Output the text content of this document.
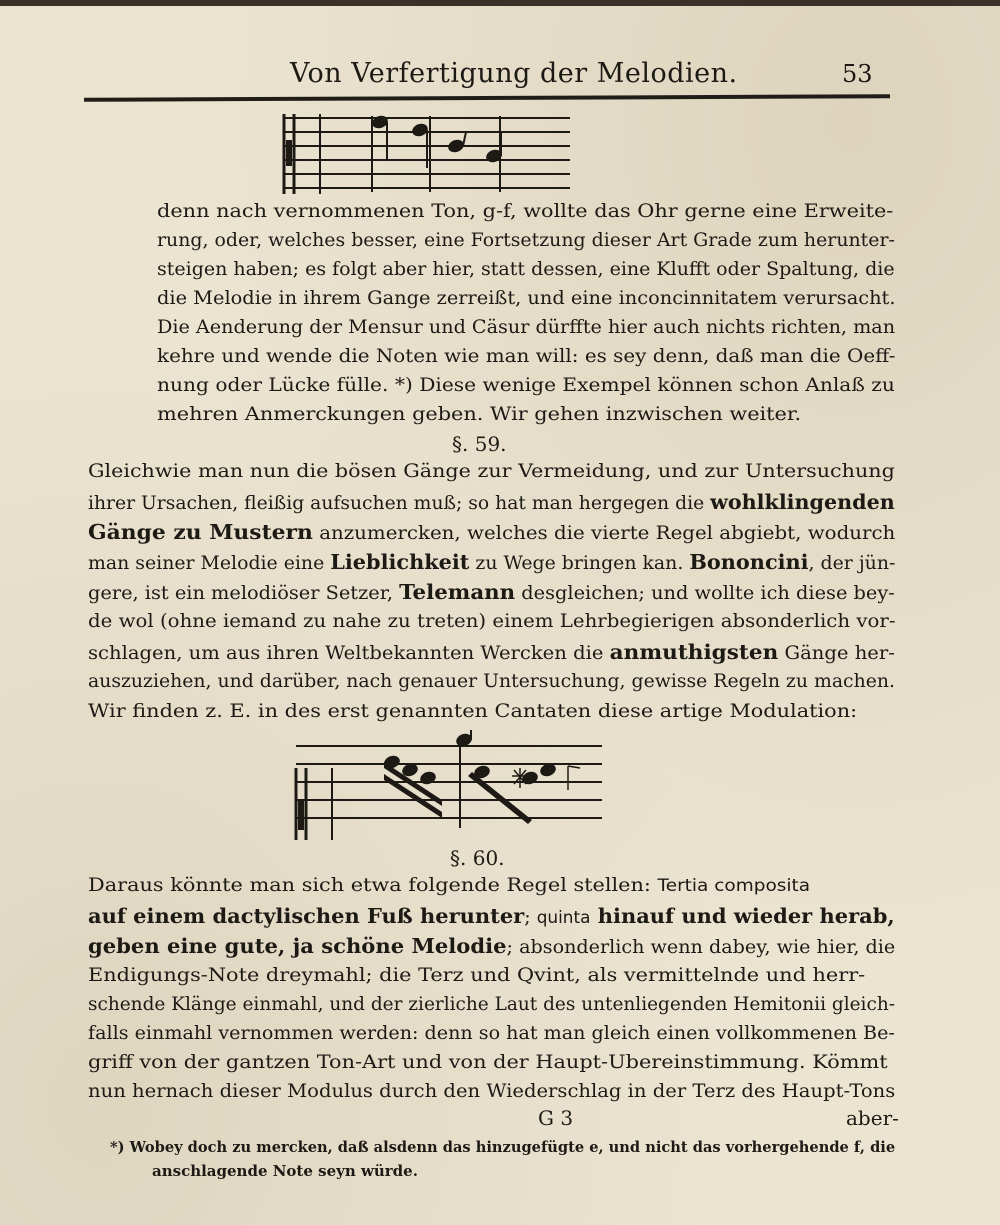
Von Verfertigung der Melodien.	53
denn nach vernommenen Ton, g-f, wollte das Ohr gerne eine Erweite-
rung, oder, welches besser, eine Fortsetzung dieser Art Grade zum herunter-
steigen haben; es folgt aber hier, statt dessen, eine Klufft oder Spaltung, die
die Melodie in ihrem Gange zerreißt, und eine inconcinnitatem verursacht.
Die Aenderung der Mensur und Cäsur dürffte hier auch nichts richten, man
kehre und wende die Noten wie man will: es sey denn, daß man die Oeff-
nung oder Lücke fülle. *) Diese wenige Exempel können schon Anlaß zu
mehren Anmerckungen geben. Wir gehen inzwischen weiter.
§. 59.
Gleichwie man nun die bösen Gänge zur Vermeidung, und zur Untersuchung
ihrer Ursachen, fleißig aufsuchen muß; so hat man hergegen die wohlklingenden
Gänge zu Mustern anzumercken, welches die vierte Regel abgiebt, wodurch
man seiner Melodie eine Lieblichkeit zu Wege bringen kan. Bononcini, der jün-
gere, ist ein melodiöser Setzer, Telemann desgleichen; und wollte ich diese bey-
de wol (ohne iemand zu nahe zu treten) einem Lehrbegierigen absonderlich vor-
schlagen, um aus ihren Weltbekannten Wercken die anmuthigsten Gänge her-
auszuziehen, und darüber, nach genauer Untersuchung, gewisse Regeln zu machen.
Wir finden z. E. in des erst genannten Cantaten diese artige Modulation:
§. 60.
Daraus könnte man sich etwa folgende Regel stellen: Tertia composita
auf einem dactylischen Fuß herunter; quinta hinauf und wieder herab,
geben eine gute, ja schöne Melodie; absonderlich wenn dabey, wie hier, die
Endigungs-Note dreymahl; die Terz und Qvint, als vermittelnde und herr-
schende Klänge einmahl, und der zierliche Laut des untenliegenden Hemitonii gleich-
falls einmahl vernommen werden: denn so hat man gleich einen vollkommenen Be-
griff von der gantzen Ton-Art und von der Haupt-Ubereinstimmung. Kömmt
nun hernach dieser Modulus durch den Wiederschlag in der Terz des Haupt-Tons
G 3	aber-
*) Wobey doch zu mercken, daß alsdenn das hinzugefügte e, und nicht das vorhergehende f, die
anschlagende Note seyn würde.
